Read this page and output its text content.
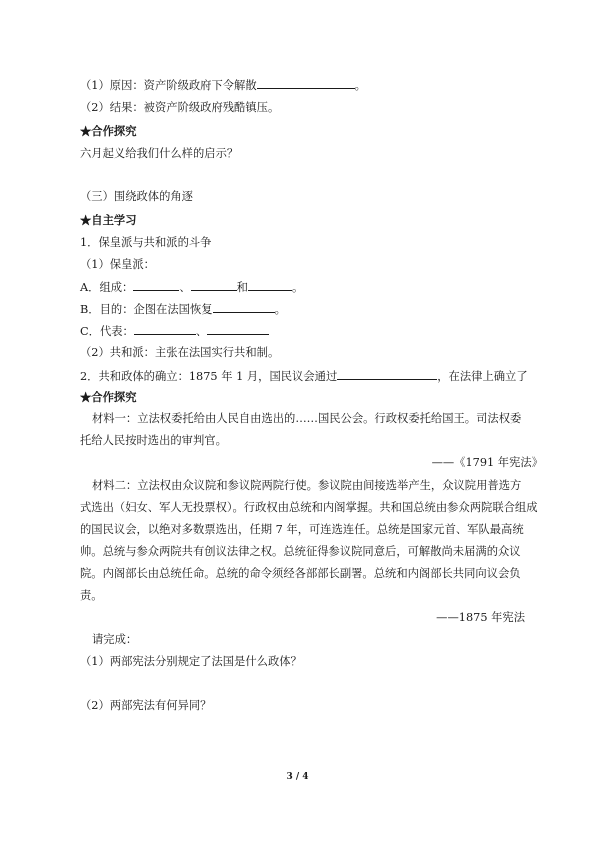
（1）原因：资产阶级政府下令解散	。
（2）结果：被资产阶级政府残酷镇压。
★合作探究
六月起义给我们什么样的启示？
（三）围绕政体的角逐
★自主学习
1．保皇派与共和派的斗争
（1）保皇派：
A．组成：	、	和	。
B．目的：企图在法国恢复	。
C．代表：	、
（2）共和派：主张在法国实行共和制。
2．共和政体的确立：1875 年 1 月，国民议会通过	，在法律上确立了
★合作探究
材料一：立法权委托给由人民自由选出的……国民公会。行政权委托给国王。司法权委
托给人民按时选出的审判官。
——《1791 年宪法》
材料二：立法权由众议院和参议院两院行使。参议院由间接选举产生，众议院用普选方
式选出（妇女、军人无投票权）。行政权由总统和内阁掌握。共和国总统由参众两院联合组成
的国民议会，以绝对多数票选出，任期 7 年，可连选连任。总统是国家元首、军队最高统
帅。总统与参众两院共有创议法律之权。总统征得参议院同意后，可解散尚未届满的众议
院。内阁部长由总统任命。总统的命令须经各部部长副署。总统和内阁部长共同向议会负
责。
——1875 年宪法
请完成：
（1）两部宪法分别规定了法国是什么政体？
（2）两部宪法有何异同？
3 / 4
